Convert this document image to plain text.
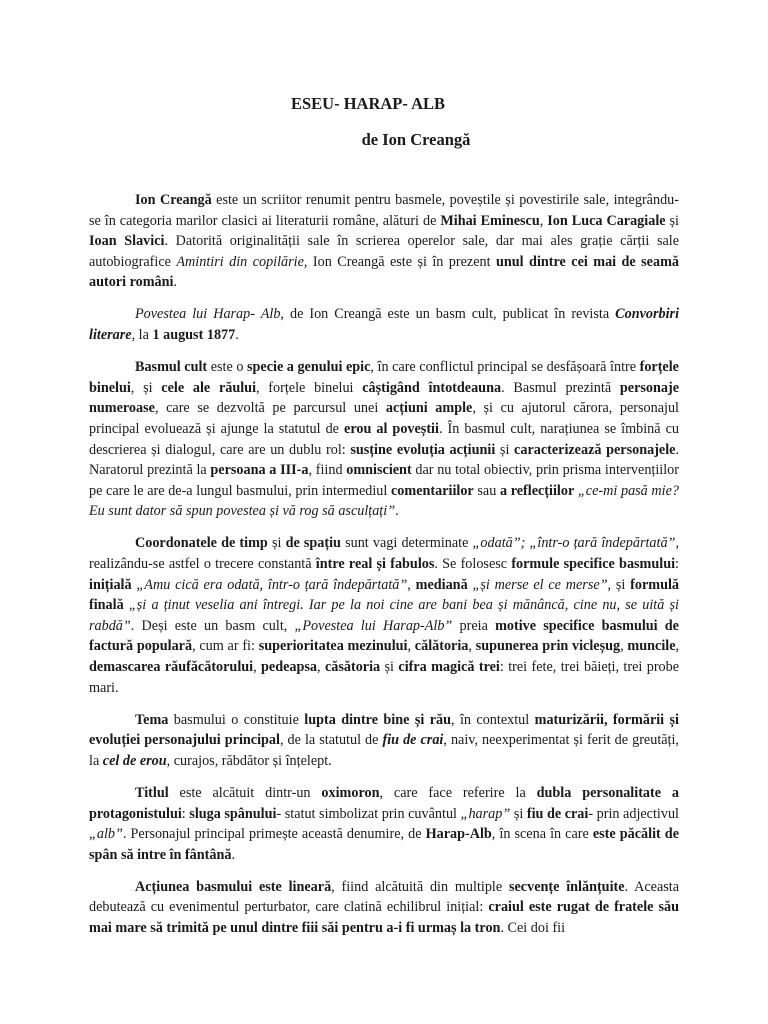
ESEU- HARAP- ALB
de Ion Creangă

Ion Creangă este un scriitor renumit pentru basmele, poveștile și povestirile sale, integrându-se în categoria marilor clasici ai literaturii române, alături de Mihai Eminescu, Ion Luca Caragiale și Ioan Slavici. Datorită originalității sale în scrierea operelor sale, dar mai ales grație cărții sale autobiografice Amintiri din copilărie, Ion Creangă este și în prezent unul dintre cei mai de seamă autori români.

Povestea lui Harap- Alb, de Ion Creangă este un basm cult, publicat în revista Convorbiri literare, la 1 august 1877.

Basmul cult este o specie a genului epic, în care conflictul principal se desfășoară între forțele binelui, și cele ale răului, forțele binelui câștigând întotdeauna. Basmul prezintă personaje numeroase, care se dezvoltă pe parcursul unei acțiuni ample, și cu ajutorul cărora, personajul principal evoluează și ajunge la statutul de erou al poveștii. În basmul cult, narațiunea se îmbină cu descrierea și dialogul, care are un dublu rol: susține evoluția acțiunii și caracterizează personajele. Naratorul prezintă la persoana a III-a, fiind omniscient dar nu total obiectiv, prin prisma intervențiilor pe care le are de-a lungul basmului, prin intermediul comentariilor sau a reflecțiilor „ce-mi pasă mie? Eu sunt dator să spun povestea și vă rog să asculțați”.

Coordonatele de timp și de spațiu sunt vagi determinate „odată”; „într-o țară îndepărtată”, realizându-se astfel o trecere constantă între real și fabulos. Se folosesc formule specifice basmului: inițială „Amu cică era odată, într-o țară îndepărtată”, mediană „și merse el ce merse”, și formulă finală „și a ținut veselia ani întregi. Iar pe la noi cine are bani bea și mănâncă, cine nu, se uită și rabdă”. Deși este un basm cult, „Povestea lui Harap-Alb” preia motive specifice basmului de factură populară, cum ar fi: superioritatea mezinului, călătoria, supunerea prin vicleșug, muncile, demascarea răufăcătorului, pedeapsa, căsătoria și cifra magică trei: trei fete, trei băieți, trei probe mari.

Tema basmului o constituie lupta dintre bine și rău, în contextul maturizării, formării și evoluției personajului principal, de la statutul de fiu de crai, naiv, neexperimentat și ferit de greutăți, la cel de erou, curajos, răbdător și înțelept.

Titlul este alcătuit dintr-un oximoron, care face referire la dubla personalitate a protagonistului: sluga spânului- statut simbolizat prin cuvântul „harap” și fiu de crai- prin adjectivul „alb”. Personajul principal primește această denumire, de Harap-Alb, în scena în care este păcălit de spân să intre în fântână.

Acțiunea basmului este lineară, fiind alcătuită din multiple secvențe înlănțuite. Aceasta debutează cu evenimentul perturbator, care clatină echilibrul inițial: craiul este rugat de fratele său mai mare să trimită pe unul dintre fiii săi pentru a-i fi urmaș la tron. Cei doi fii
